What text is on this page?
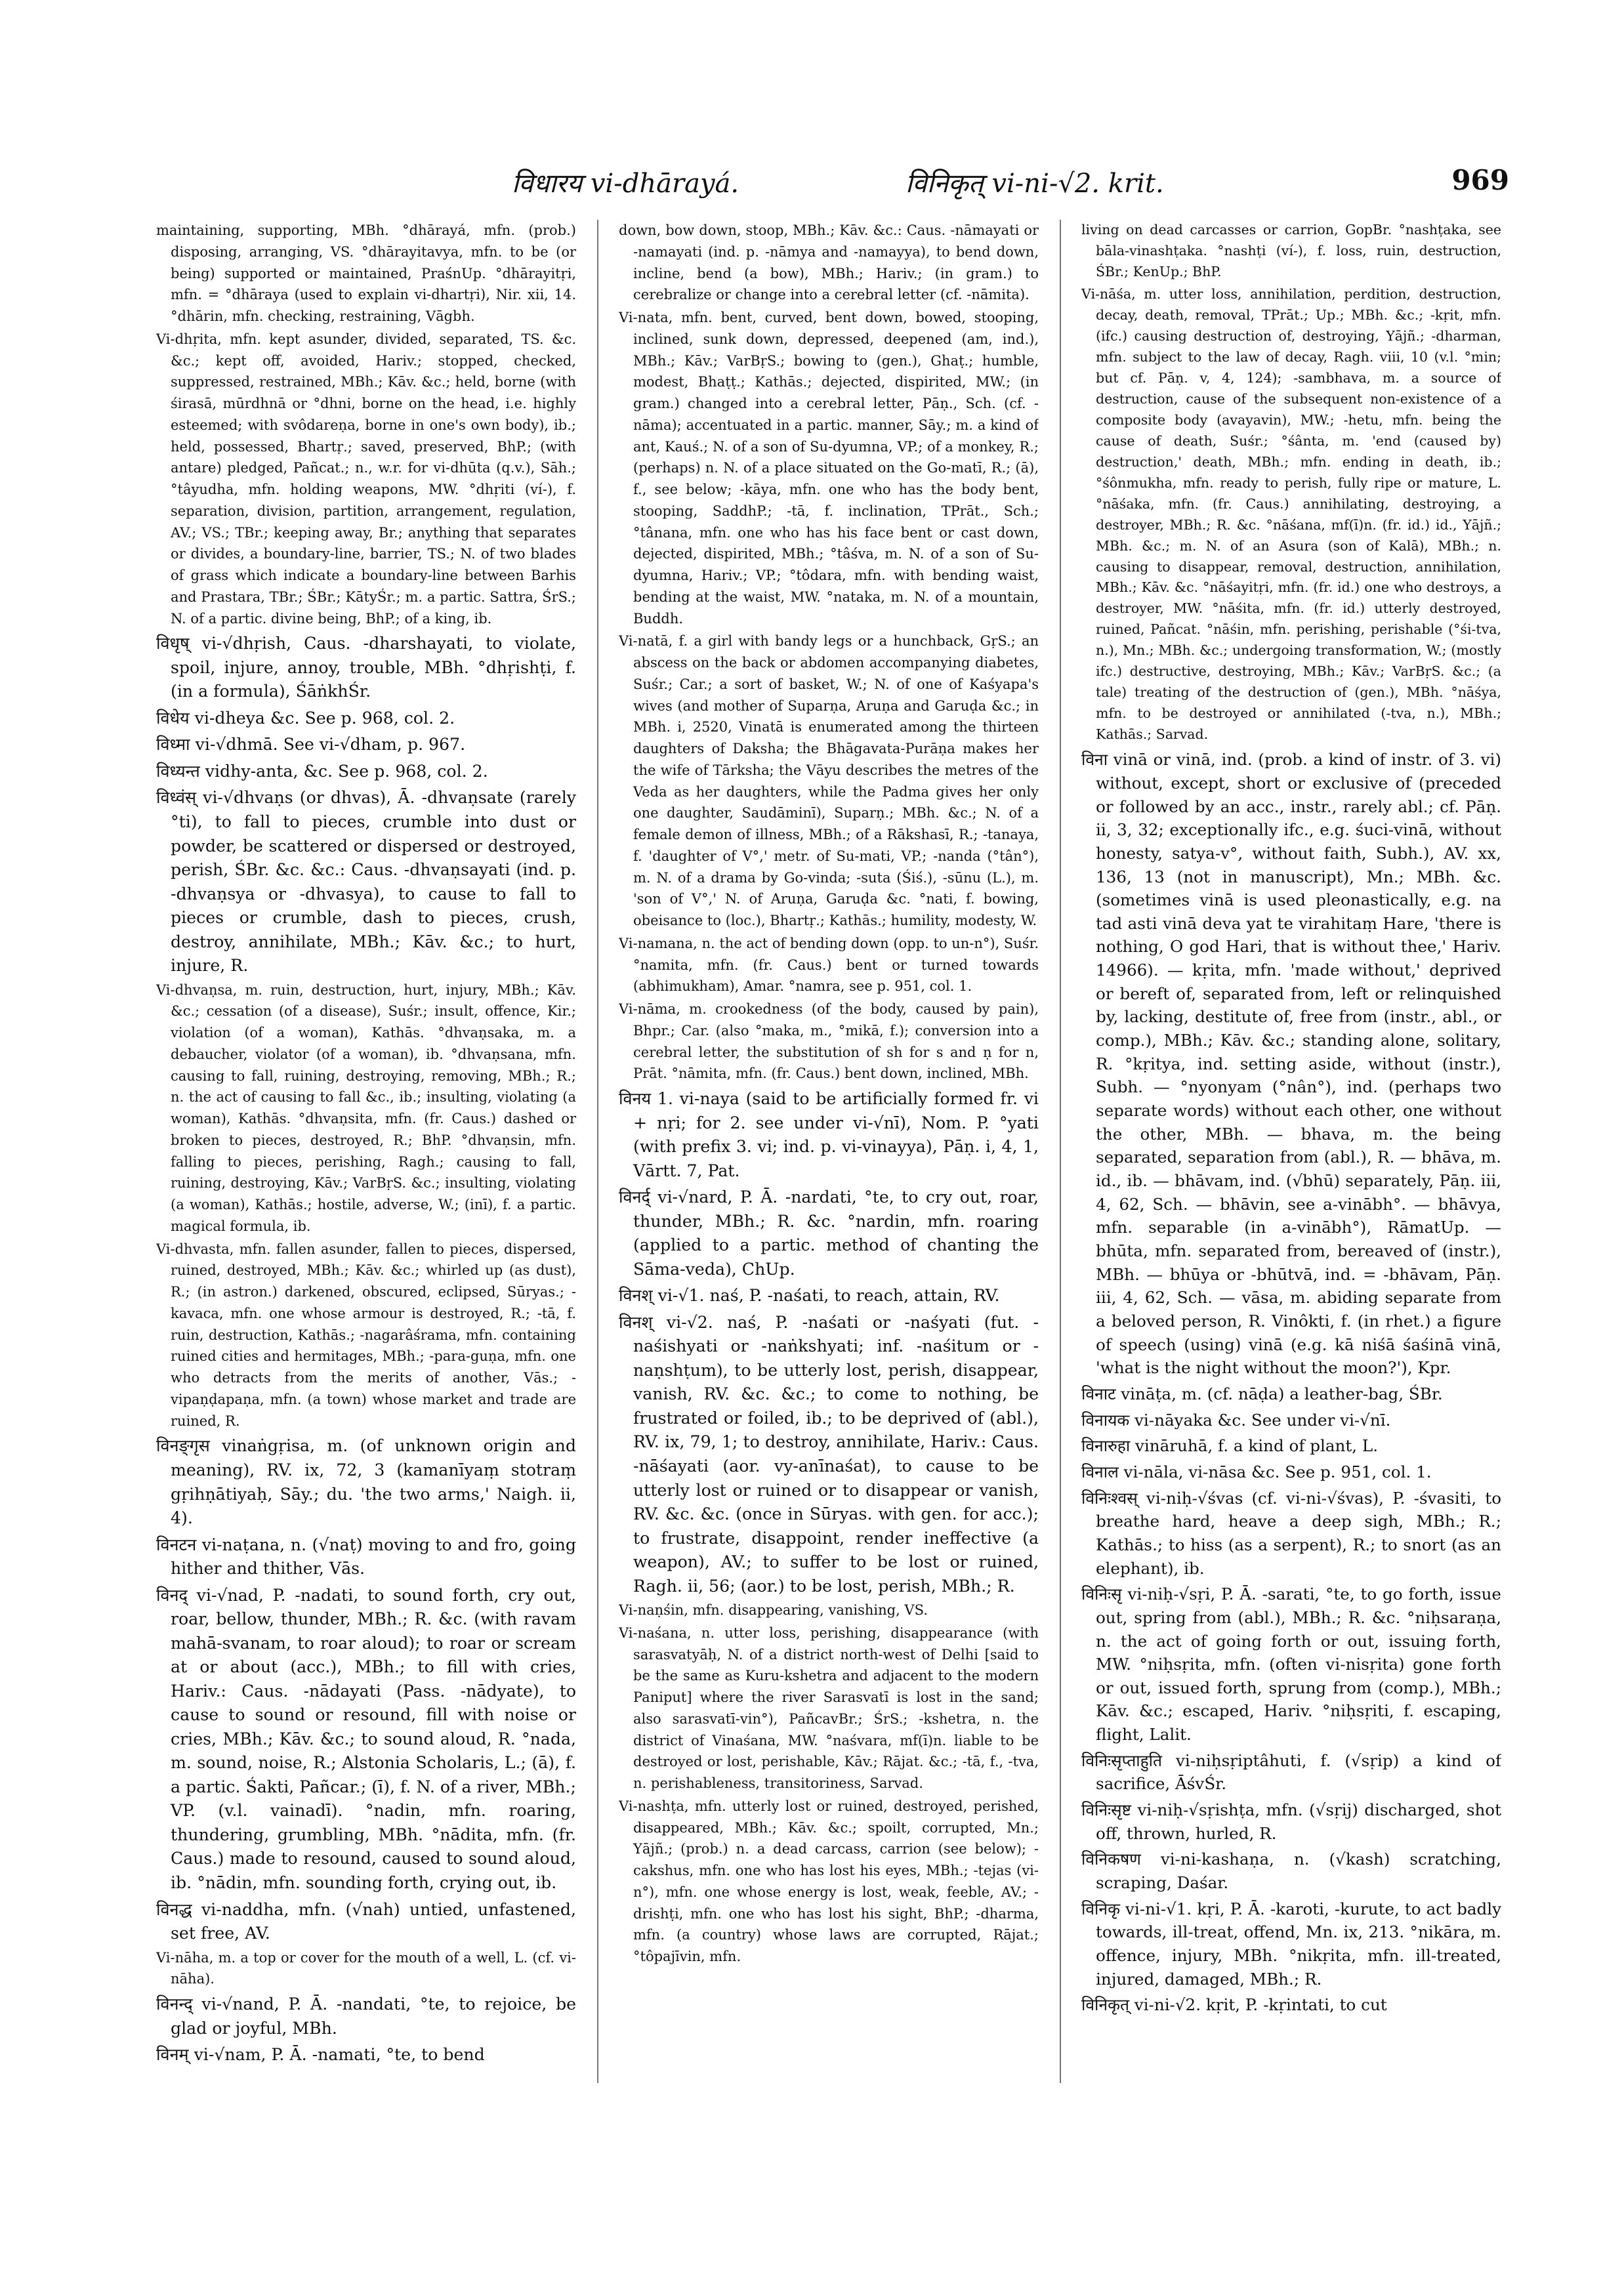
विधारय vi-dhārayá.	विनिकृत् vi-ni-√2. krit.	969

maintaining, supporting, MBh. °dhārayá, mfn. (prob.) disposing, arranging, VS. °dhārayitavya, mfn. to be (or being) supported or maintained, PraśnUp. °dhārayitṛi, mfn. = °dhāraya (used to explain vi-dhartṛi), Nir. xii, 14. °dhārin, mfn. checking, restraining, Vāgbh.

Vi-dhṛita, mfn. kept asunder, divided, separated, TS. &c. &c.; kept off, avoided, Hariv.; stopped, checked, suppressed, restrained, MBh.; Kāv. &c.; held, borne (with śirasā, mūrdhnā or °dhni, borne on the head, i.e. highly esteemed; with svôdareṇa, borne in one's own body), ib.; held, possessed, Bhartṛ.; saved, preserved, BhP.; (with antare) pledged, Pañcat.; n., w.r. for vi-dhūta (q.v.), Sāh.; °tâyudha, mfn. holding weapons, MW. °dhṛiti (ví-), f. separation, division, partition, arrangement, regulation, AV.; VS.; TBr.; keeping away, Br.; anything that separates or divides, a boundary-line, barrier, TS.; N. of two blades of grass which indicate a boundary-line between Barhis and Prastara, TBr.; ŚBr.; KātyŚr.; m. a partic. Sattra, ŚrS.; N. of a partic. divine being, BhP.; of a king, ib.

विधृष् vi-√dhṛish, Caus. -dharshayati, to violate, spoil, injure, annoy, trouble, MBh. °dhṛishṭi, f. (in a formula), ŚāṅkhŚr.

विधेय vi-dheya &c. See p. 968, col. 2.

विध्मा vi-√dhmā. See vi-√dham, p. 967.

विध्यन्त vidhy-anta, &c. See p. 968, col. 2.

विध्वंस् vi-√dhvaṇs (or dhvas), Ā. -dhvaṇsate (rarely °ti), to fall to pieces, crumble into dust or powder, be scattered or dispersed or destroyed, perish, ŚBr. &c. &c.: Caus. -dhvaṇsayati (ind. p. -dhvaṇsya or -dhvasya), to cause to fall to pieces or crumble, dash to pieces, crush, destroy, annihilate, MBh.; Kāv. &c.; to hurt, injure, R.

Vi-dhvaṇsa, m. ruin, destruction, hurt, injury, MBh.; Kāv. &c.; cessation (of a disease), Suśr.; insult, offence, Kir.; violation (of a woman), Kathās. °dhvaṇsaka, m. a debaucher, violator (of a woman), ib. °dhvaṇsana, mfn. causing to fall, ruining, destroying, removing, MBh.; R.; n. the act of causing to fall &c., ib.; insulting, violating (a woman), Kathās. °dhvaṇsita, mfn. (fr. Caus.) dashed or broken to pieces, destroyed, R.; BhP. °dhvaṇsin, mfn. falling to pieces, perishing, Ragh.; causing to fall, ruining, destroying, Kāv.; VarBṛS. &c.; insulting, violating (a woman), Kathās.; hostile, adverse, W.; (inī), f. a partic. magical formula, ib.

Vi-dhvasta, mfn. fallen asunder, fallen to pieces, dispersed, ruined, destroyed, MBh.; Kāv. &c.; whirled up (as dust), R.; (in astron.) darkened, obscured, eclipsed, Sūryas.; -kavaca, mfn. one whose armour is destroyed, R.; -tā, f. ruin, destruction, Kathās.; -nagarâśrama, mfn. containing ruined cities and hermitages, MBh.; -para-guṇa, mfn. one who detracts from the merits of another, Vās.; -vipaṇḍapaṇa, mfn. (a town) whose market and trade are ruined, R.

विनङ्गृस vinaṅgṛisa, m. (of unknown origin and meaning), RV. ix, 72, 3 (kamanīyaṃ stotraṃ gṛihṇātiyaḥ, Sāy.; du. 'the two arms,' Naigh. ii, 4).

विनटन vi-naṭana, n. (√naṭ) moving to and fro, going hither and thither, Vās.

विनद् vi-√nad, P. -nadati, to sound forth, cry out, roar, bellow, thunder, MBh.; R. &c. (with ravam mahā-svanam, to roar aloud); to roar or scream at or about (acc.), MBh.; to fill with cries, Hariv.: Caus. -nādayati (Pass. -nādyate), to cause to sound or resound, fill with noise or cries, MBh.; Kāv. &c.; to sound aloud, R. °nada, m. sound, noise, R.; Alstonia Scholaris, L.; (ā), f. a partic. Śakti, Pañcar.; (ī), f. N. of a river, MBh.; VP. (v.l. vainadī). °nadin, mfn. roaring, thundering, grumbling, MBh. °nādita, mfn. (fr. Caus.) made to resound, caused to sound aloud, ib. °nādin, mfn. sounding forth, crying out, ib.

विनद्ध vi-naddha, mfn. (√nah) untied, unfastened, set free, AV.

Vi-nāha, m. a top or cover for the mouth of a well, L. (cf. vi-nāha).

विनन्द् vi-√nand, P. Ā. -nandati, °te, to rejoice, be glad or joyful, MBh.

विनम् vi-√nam, P. Ā. -namati, °te, to bend

down, bow down, stoop, MBh.; Kāv. &c.: Caus. -nāmayati or -namayati (ind. p. -nāmya and -namayya), to bend down, incline, bend (a bow), MBh.; Hariv.; (in gram.) to cerebralize or change into a cerebral letter (cf. -nāmita).

Vi-nata, mfn. bent, curved, bent down, bowed, stooping, inclined, sunk down, depressed, deepened (am, ind.), MBh.; Kāv.; VarBṛS.; bowing to (gen.), Ghaṭ.; humble, modest, Bhaṭṭ.; Kathās.; dejected, dispirited, MW.; (in gram.) changed into a cerebral letter, Pāṇ., Sch. (cf. -nāma); accentuated in a partic. manner, Sāy.; m. a kind of ant, Kauś.; N. of a son of Su-dyumna, VP.; of a monkey, R.; (perhaps) n. N. of a place situated on the Go-matī, R.; (ā), f., see below; -kāya, mfn. one who has the body bent, stooping, SaddhP.; -tā, f. inclination, TPrāt., Sch.; °tânana, mfn. one who has his face bent or cast down, dejected, dispirited, MBh.; °tâśva, m. N. of a son of Su-dyumna, Hariv.; VP.; °tôdara, mfn. with bending waist, bending at the waist, MW. °nataka, m. N. of a mountain, Buddh.

Vi-natā, f. a girl with bandy legs or a hunchback, GṛS.; an abscess on the back or abdomen accompanying diabetes, Suśr.; Car.; a sort of basket, W.; N. of one of Kaśyapa's wives (and mother of Suparṇa, Aruṇa and Garuḍa &c.; in MBh. i, 2520, Vinatā is enumerated among the thirteen daughters of Daksha; the Bhāgavata-Purāṇa makes her the wife of Tārksha; the Vāyu describes the metres of the Veda as her daughters, while the Padma gives her only one daughter, Saudāminī), Suparṇ.; MBh. &c.; N. of a female demon of illness, MBh.; of a Rākshasī, R.; -tanaya, f. 'daughter of V°,' metr. of Su-mati, VP.; -nanda (°tân°), m. N. of a drama by Go-vinda; -suta (Śiś.), -sūnu (L.), m. 'son of V°,' N. of Aruṇa, Garuḍa &c. °nati, f. bowing, obeisance to (loc.), Bhartṛ.; Kathās.; humility, modesty, W.

Vi-namana, n. the act of bending down (opp. to un-n°), Suśr. °namita, mfn. (fr. Caus.) bent or turned towards (abhimukham), Amar. °namra, see p. 951, col. 1.

Vi-nāma, m. crookedness (of the body, caused by pain), Bhpr.; Car. (also °maka, m., °mikā, f.); conversion into a cerebral letter, the substitution of sh for s and ṇ for n, Prāt. °nāmita, mfn. (fr. Caus.) bent down, inclined, MBh.

विनय 1. vi-naya (said to be artificially formed fr. vi + nṛi; for 2. see under vi-√nī), Nom. P. °yati (with prefix 3. vi; ind. p. vi-vinayya), Pāṇ. i, 4, 1, Vārtt. 7, Pat.

विनर्द् vi-√nard, P. Ā. -nardati, °te, to cry out, roar, thunder, MBh.; R. &c. °nardin, mfn. roaring (applied to a partic. method of chanting the Sāma-veda), ChUp.

विनश् vi-√1. naś, P. -naśati, to reach, attain, RV.

विनश् vi-√2. naś, P. -naśati or -naśyati (fut. -naśishyati or -naṅkshyati; inf. -naśitum or -naṇshṭum), to be utterly lost, perish, disappear, vanish, RV. &c. &c.; to come to nothing, be frustrated or foiled, ib.; to be deprived of (abl.), RV. ix, 79, 1; to destroy, annihilate, Hariv.: Caus. -nāśayati (aor. vy-anīnaśat), to cause to be utterly lost or ruined or to disappear or vanish, RV. &c. &c. (once in Sūryas. with gen. for acc.); to frustrate, disappoint, render ineffective (a weapon), AV.; to suffer to be lost or ruined, Ragh. ii, 56; (aor.) to be lost, perish, MBh.; R.

Vi-naṇśin, mfn. disappearing, vanishing, VS.

Vi-naśana, n. utter loss, perishing, disappearance (with sarasvatyāḥ, N. of a district north-west of Delhi [said to be the same as Kuru-kshetra and adjacent to the modern Paniput] where the river Sarasvatī is lost in the sand; also sarasvatī-vin°), PañcavBr.; ŚrS.; -kshetra, n. the district of Vinaśana, MW. °naśvara, mf(ī)n. liable to be destroyed or lost, perishable, Kāv.; Rājat. &c.; -tā, f., -tva, n. perishableness, transitoriness, Sarvad.

Vi-nashṭa, mfn. utterly lost or ruined, destroyed, perished, disappeared, MBh.; Kāv. &c.; spoilt, corrupted, Mn.; Yājñ.; (prob.) n. a dead carcass, carrion (see below); -cakshus, mfn. one who has lost his eyes, MBh.; -tejas (vi-n°), mfn. one whose energy is lost, weak, feeble, AV.; -drishṭi, mfn. one who has lost his sight, BhP.; -dharma, mfn. (a country) whose laws are corrupted, Rājat.; °tôpajīvin, mfn.

living on dead carcasses or carrion, GopBr. °nashṭaka, see bāla-vinashṭaka. °nashṭi (ví-), f. loss, ruin, destruction, ŚBr.; KenUp.; BhP.

Vi-nāśa, m. utter loss, annihilation, perdition, destruction, decay, death, removal, TPrāt.; Up.; MBh. &c.; -kṛit, mfn. (ifc.) causing destruction of, destroying, Yājñ.; -dharman, mfn. subject to the law of decay, Ragh. viii, 10 (v.l. °min; but cf. Pāṇ. v, 4, 124); -sambhava, m. a source of destruction, cause of the subsequent non-existence of a composite body (avayavin), MW.; -hetu, mfn. being the cause of death, Suśr.; °śânta, m. 'end (caused by) destruction,' death, MBh.; mfn. ending in death, ib.; °śônmukha, mfn. ready to perish, fully ripe or mature, L. °nāśaka, mfn. (fr. Caus.) annihilating, destroying, a destroyer, MBh.; R. &c. °nāśana, mf(ī)n. (fr. id.) id., Yājñ.; MBh. &c.; m. N. of an Asura (son of Kalā), MBh.; n. causing to disappear, removal, destruction, annihilation, MBh.; Kāv. &c. °nāśayitṛi, mfn. (fr. id.) one who destroys, a destroyer, MW. °nāśita, mfn. (fr. id.) utterly destroyed, ruined, Pañcat. °nāśin, mfn. perishing, perishable (°śi-tva, n.), Mn.; MBh. &c.; undergoing transformation, W.; (mostly ifc.) destructive, destroying, MBh.; Kāv.; VarBṛS. &c.; (a tale) treating of the destruction of (gen.), MBh. °nāśya, mfn. to be destroyed or annihilated (-tva, n.), MBh.; Kathās.; Sarvad.

विना vinā or vinā, ind. (prob. a kind of instr. of 3. vi) without, except, short or exclusive of (preceded or followed by an acc., instr., rarely abl.; cf. Pāṇ. ii, 3, 32; exceptionally ifc., e.g. śuci-vinā, without honesty, satya-v°, without faith, Subh.), AV. xx, 136, 13 (not in manuscript), Mn.; MBh. &c. (sometimes vinā is used pleonastically, e.g. na tad asti vinā deva yat te virahitaṃ Hare, 'there is nothing, O god Hari, that is without thee,' Hariv. 14966). — kṛita, mfn. 'made without,' deprived or bereft of, separated from, left or relinquished by, lacking, destitute of, free from (instr., abl., or comp.), MBh.; Kāv. &c.; standing alone, solitary, R. °kṛitya, ind. setting aside, without (instr.), Subh. — °nyonyam (°nân°), ind. (perhaps two separate words) without each other, one without the other, MBh. — bhava, m. the being separated, separation from (abl.), R. — bhāva, m. id., ib. — bhāvam, ind. (√bhū) separately, Pāṇ. iii, 4, 62, Sch. — bhāvin, see a-vinābh°. — bhāvya, mfn. separable (in a-vinābh°), RāmatUp. — bhūta, mfn. separated from, bereaved of (instr.), MBh. — bhūya or -bhūtvā, ind. = -bhāvam, Pāṇ. iii, 4, 62, Sch. — vāsa, m. abiding separate from a beloved person, R. Vinôkti, f. (in rhet.) a figure of speech (using) vinā (e.g. kā niśā śaśinā vinā, 'what is the night without the moon?'), Kpr.

विनाट vināṭa, m. (cf. nāḍa) a leather-bag, ŚBr.

विनायक vi-nāyaka &c. See under vi-√nī.

विनारुहा vināruhā, f. a kind of plant, L.

विनाल vi-nāla, vi-nāsa &c. See p. 951, col. 1.

विनिःश्वस् vi-niḥ-√śvas (cf. vi-ni-√śvas), P. -śvasiti, to breathe hard, heave a deep sigh, MBh.; R.; Kathās.; to hiss (as a serpent), R.; to snort (as an elephant), ib.

विनिःसृ vi-niḥ-√sṛi, P. Ā. -sarati, °te, to go forth, issue out, spring from (abl.), MBh.; R. &c. °niḥsaraṇa, n. the act of going forth or out, issuing forth, MW. °niḥsṛita, mfn. (often vi-nisṛita) gone forth or out, issued forth, sprung from (comp.), MBh.; Kāv. &c.; escaped, Hariv. °niḥsṛiti, f. escaping, flight, Lalit.

विनिःसृप्ताहुति vi-niḥsṛiptâhuti, f. (√sṛip) a kind of sacrifice, ĀśvŚr.

विनिःसृष्ट vi-niḥ-√sṛishṭa, mfn. (√sṛij) discharged, shot off, thrown, hurled, R.

विनिकषण vi-ni-kashaṇa, n. (√kash) scratching, scraping, Daśar.

विनिकृ vi-ni-√1. kṛi, P. Ā. -karoti, -kurute, to act badly towards, ill-treat, offend, Mn. ix, 213. °nikāra, m. offence, injury, MBh. °nikṛita, mfn. ill-treated, injured, damaged, MBh.; R.

विनिकृत् vi-ni-√2. kṛit, P. -kṛintati, to cut
